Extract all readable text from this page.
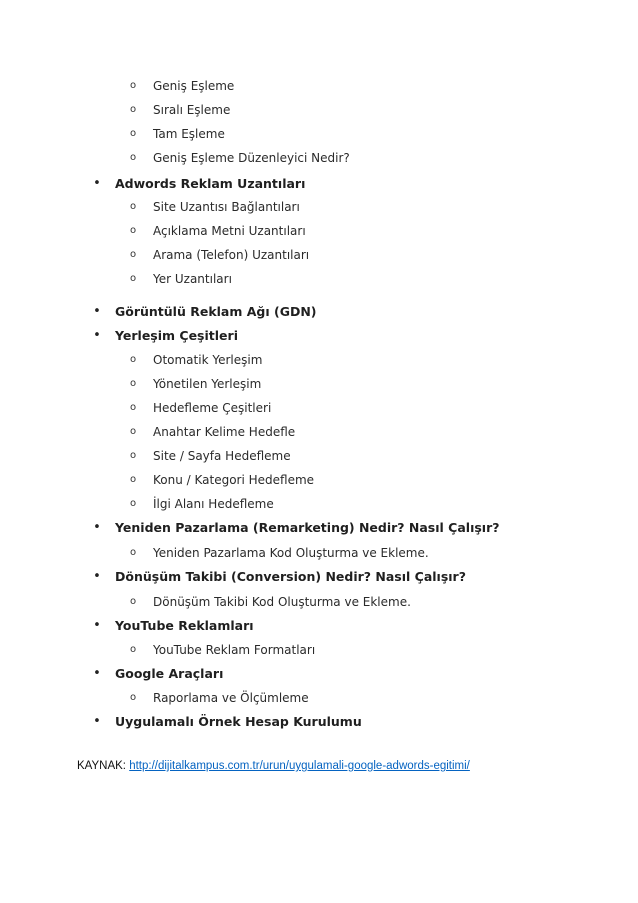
o	Geniş Eşleme
o	Sıralı Eşleme
o	Tam Eşleme
o	Geniş Eşleme Düzenleyici Nedir?
• Adwords Reklam Uzantıları
o	Site Uzantısı Bağlantıları
o	Açıklama Metni Uzantıları
o	Arama (Telefon) Uzantıları
o	Yer Uzantıları
• Görüntülü Reklam Ağı (GDN)
• Yerleşim Çeşitleri
o	Otomatik Yerleşim
o	Yönetilen Yerleşim
o	Hedefleme Çeşitleri
o	Anahtar Kelime Hedefle
o	Site / Sayfa Hedefleme
o	Konu / Kategori Hedefleme
o	İlgi Alanı Hedefleme
• Yeniden Pazarlama (Remarketing) Nedir? Nasıl Çalışır?
o	Yeniden Pazarlama Kod Oluşturma ve Ekleme.
• Dönüşüm Takibi (Conversion) Nedir? Nasıl Çalışır?
o	Dönüşüm Takibi Kod Oluşturma ve Ekleme.
• YouTube Reklamları
o	YouTube Reklam Formatları
• Google Araçları
o	Raporlama ve Ölçümleme
• Uygulamalı Örnek Hesap Kurulumu
KAYNAK: http://dijitalkampus.com.tr/urun/uygulamali-google-adwords-egitimi/
